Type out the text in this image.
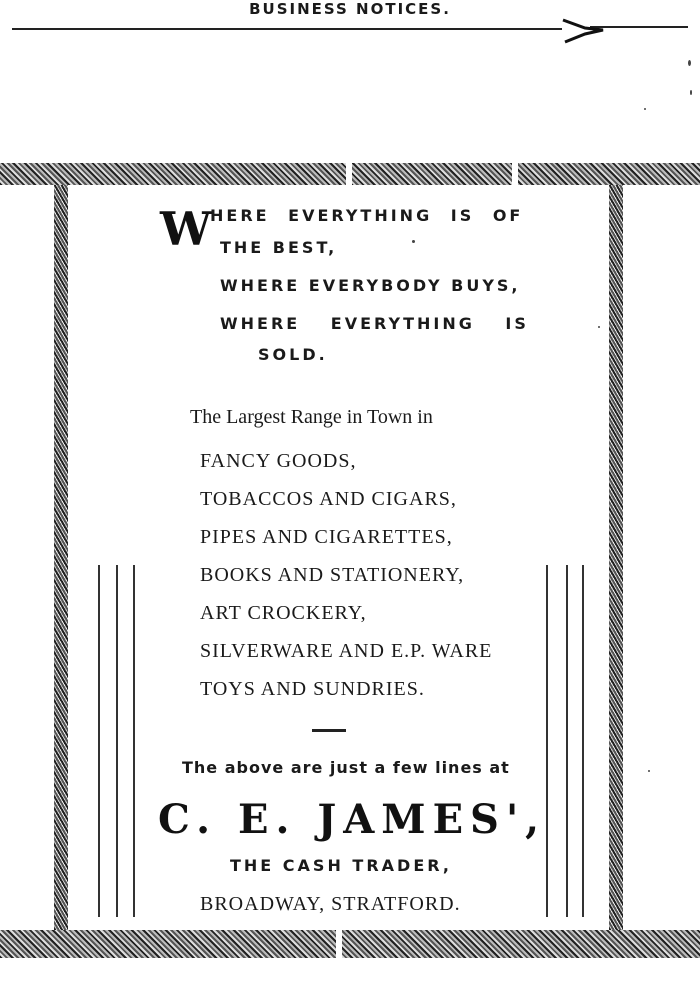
BUSINESS NOTICES.
W
HERE EVERYTHING IS OF
THE BEST,
WHERE EVERYBODY BUYS,
WHERE EVERYTHING IS
SOLD.
The Largest Range in Town in
FANCY GOODS,
TOBACCOS AND CIGARS,
PIPES AND CIGARETTES,
BOOKS AND STATIONERY,
ART CROCKERY,
SILVERWARE AND E.P. WARE
TOYS AND SUNDRIES.
The above are just a few lines at
C. E. JAMES',
THE CASH TRADER,
BROADWAY, STRATFORD.
